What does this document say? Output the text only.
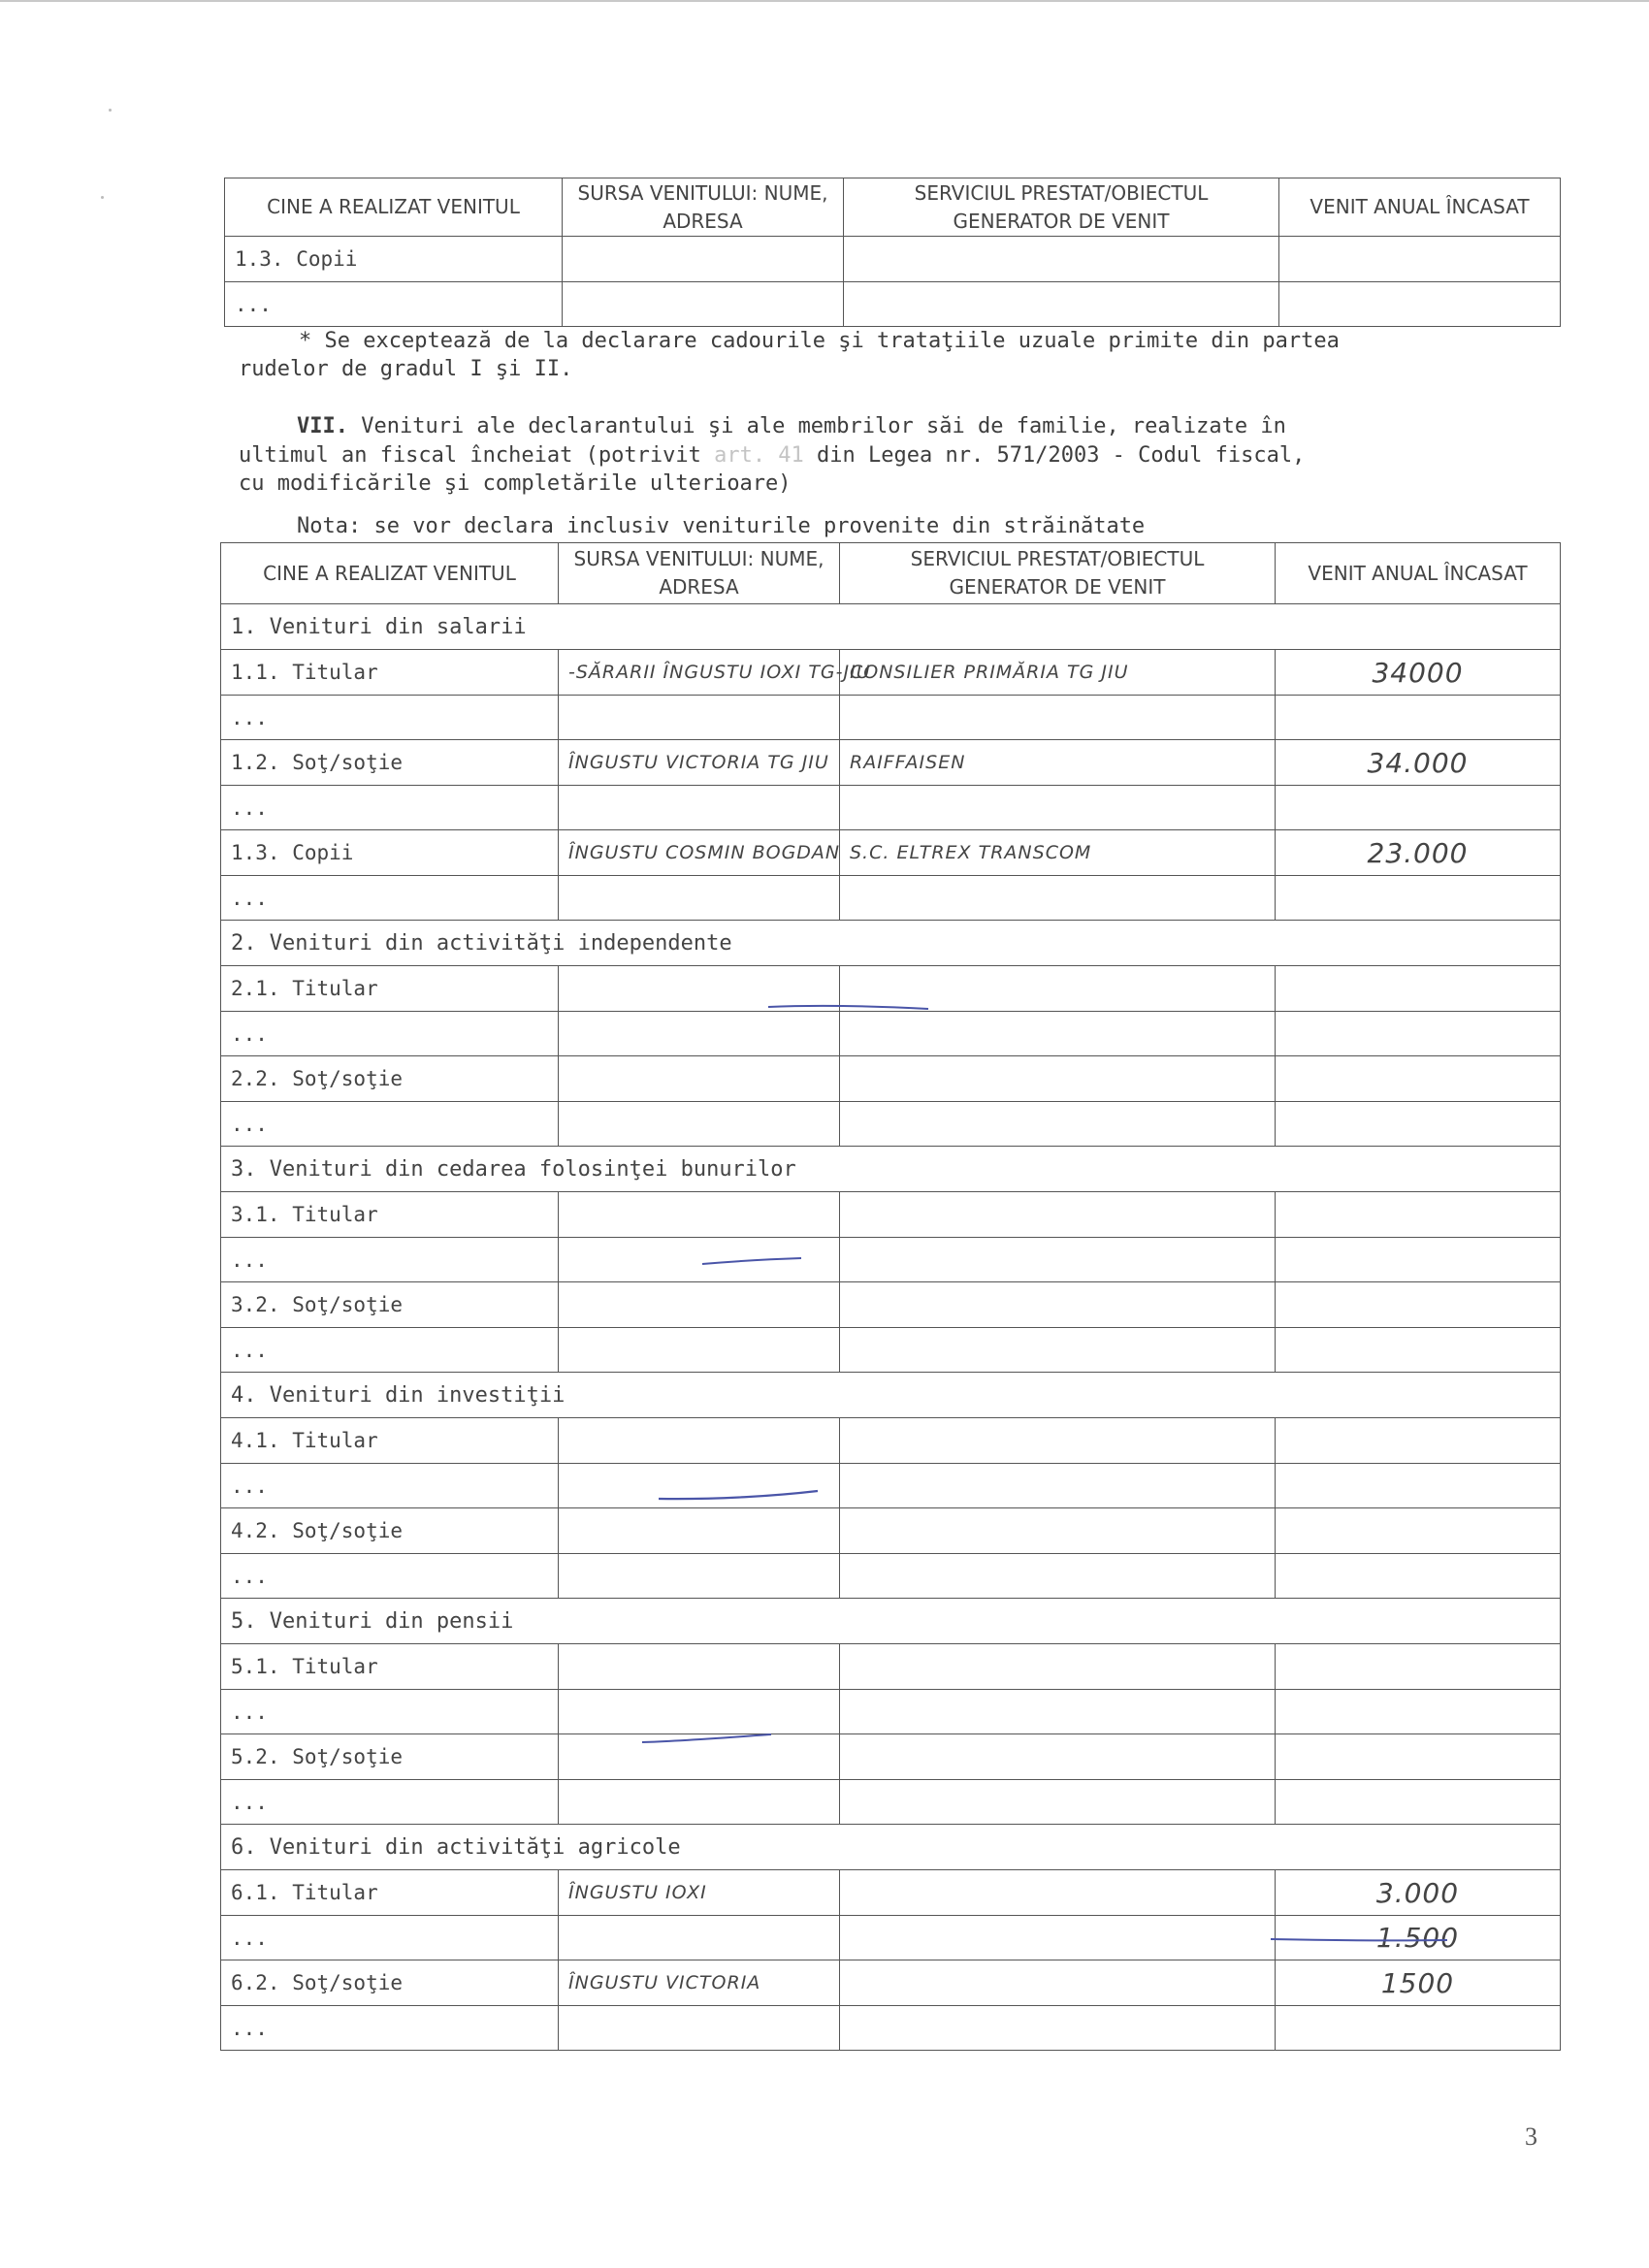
CINE A REALIZAT VENITUL	SURSA VENITULUI: NUME, ADRESA	SERVICIUL PRESTAT/OBIECTUL GENERATOR DE VENIT	VENIT ANUAL ÎNCASAT
1.3. Copii			
...			
* Se exceptează de la declarare cadourile şi trataţiile uzuale primite din partea
rudelor de gradul I şi II.
VII. Venituri ale declarantului şi ale membrilor săi de familie, realizate în
ultimul an fiscal încheiat (potrivit art. 41 din Legea nr. 571/2003 - Codul fiscal,
cu modificările şi completările ulterioare)
Nota: se vor declara inclusiv veniturile provenite din străinătate
CINE A REALIZAT VENITUL	SURSA VENITULUI: NUME, ADRESA	SERVICIUL PRESTAT/OBIECTUL GENERATOR DE VENIT	VENIT ANUAL ÎNCASAT
1. Venituri din salarii			
1.1. Titular	-SĂRARII ÎNGUSTU IOXI TG-JIU	CONSILIER PRIMĂRIA TG JIU	34000
...			
1.2. Soţ/soţie	ÎNGUSTU VICTORIA TG JIU	RAIFFAISEN	34.000
...			
1.3. Copii	ÎNGUSTU COSMIN BOGDAN	S.C. ELTREX TRANSCOM	23.000
...			
2. Venituri din activităţi independente			
2.1. Titular			
...			
2.2. Soţ/soţie			
...			
3. Venituri din cedarea folosinţei bunurilor			
3.1. Titular			
...			
3.2. Soţ/soţie			
...			
4. Venituri din investiţii			
4.1. Titular			
...			
4.2. Soţ/soţie			
...			
5. Venituri din pensii			
5.1. Titular			
...			
5.2. Soţ/soţie			
...			
6. Venituri din activităţi agricole			
6.1. Titular	ÎNGUSTU IOXI		3.000
...			1.500
6.2. Soţ/soţie	ÎNGUSTU VICTORIA		1500
...			
3
